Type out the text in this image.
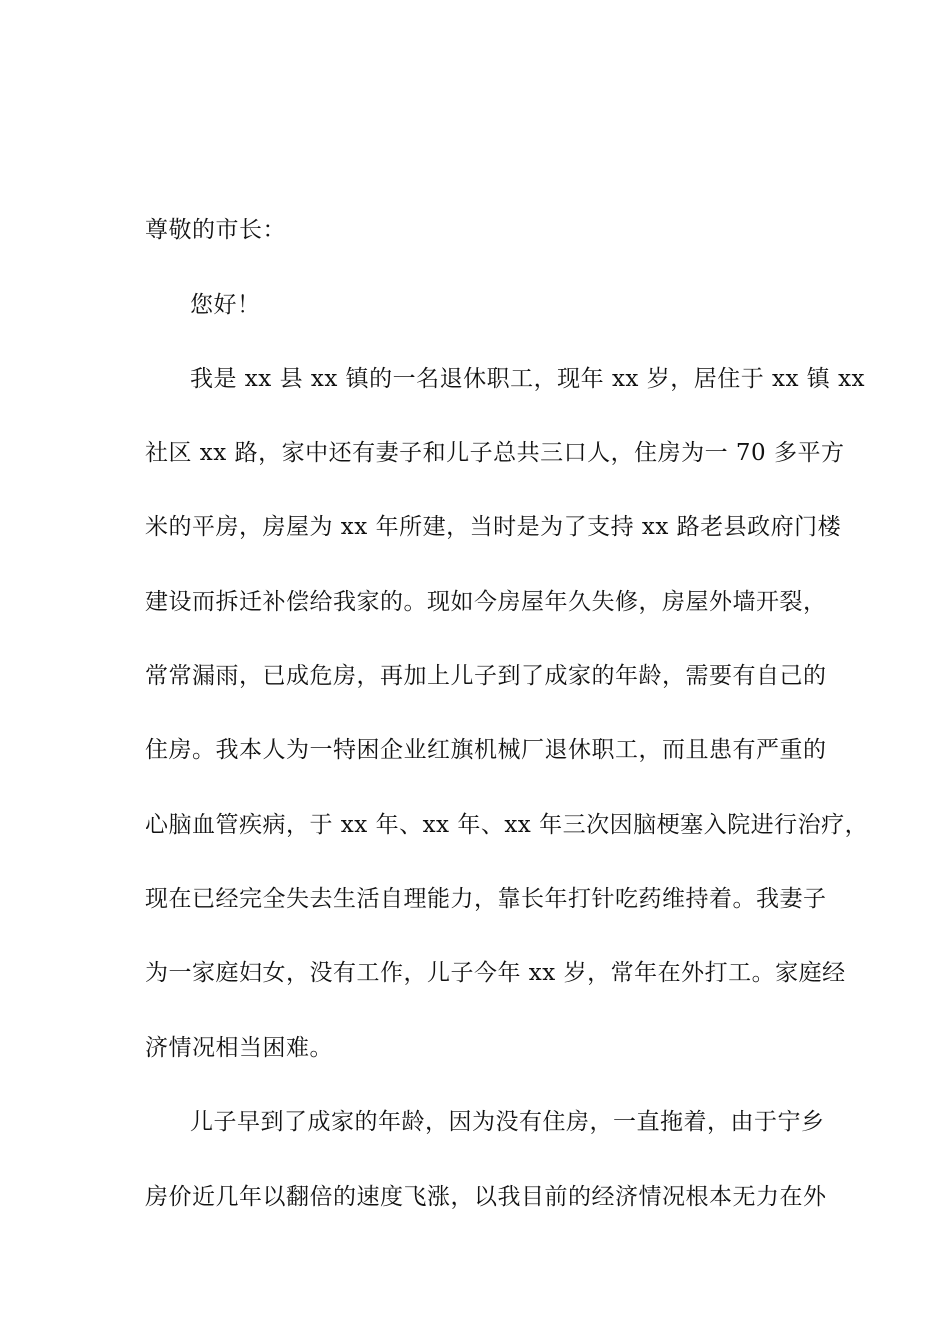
尊敬的市长：
您好！
我是 xx 县 xx 镇的一名退休职工，现年 xx 岁，居住于 xx 镇 xx
社区 xx 路，家中还有妻子和儿子总共三口人，住房为一 70 多平方
米的平房，房屋为 xx 年所建，当时是为了支持 xx 路老县政府门楼
建设而拆迁补偿给我家的。现如今房屋年久失修，房屋外墙开裂，
常常漏雨，已成危房，再加上儿子到了成家的年龄，需要有自己的
住房。我本人为一特困企业红旗机械厂退休职工，而且患有严重的
心脑血管疾病，于 xx 年、xx 年、xx 年三次因脑梗塞入院进行治疗，
现在已经完全失去生活自理能力，靠长年打针吃药维持着。我妻子
为一家庭妇女，没有工作，儿子今年 xx 岁，常年在外打工。家庭经
济情况相当困难。
儿子早到了成家的年龄，因为没有住房，一直拖着，由于宁乡
房价近几年以翻倍的速度飞涨，以我目前的经济情况根本无力在外
